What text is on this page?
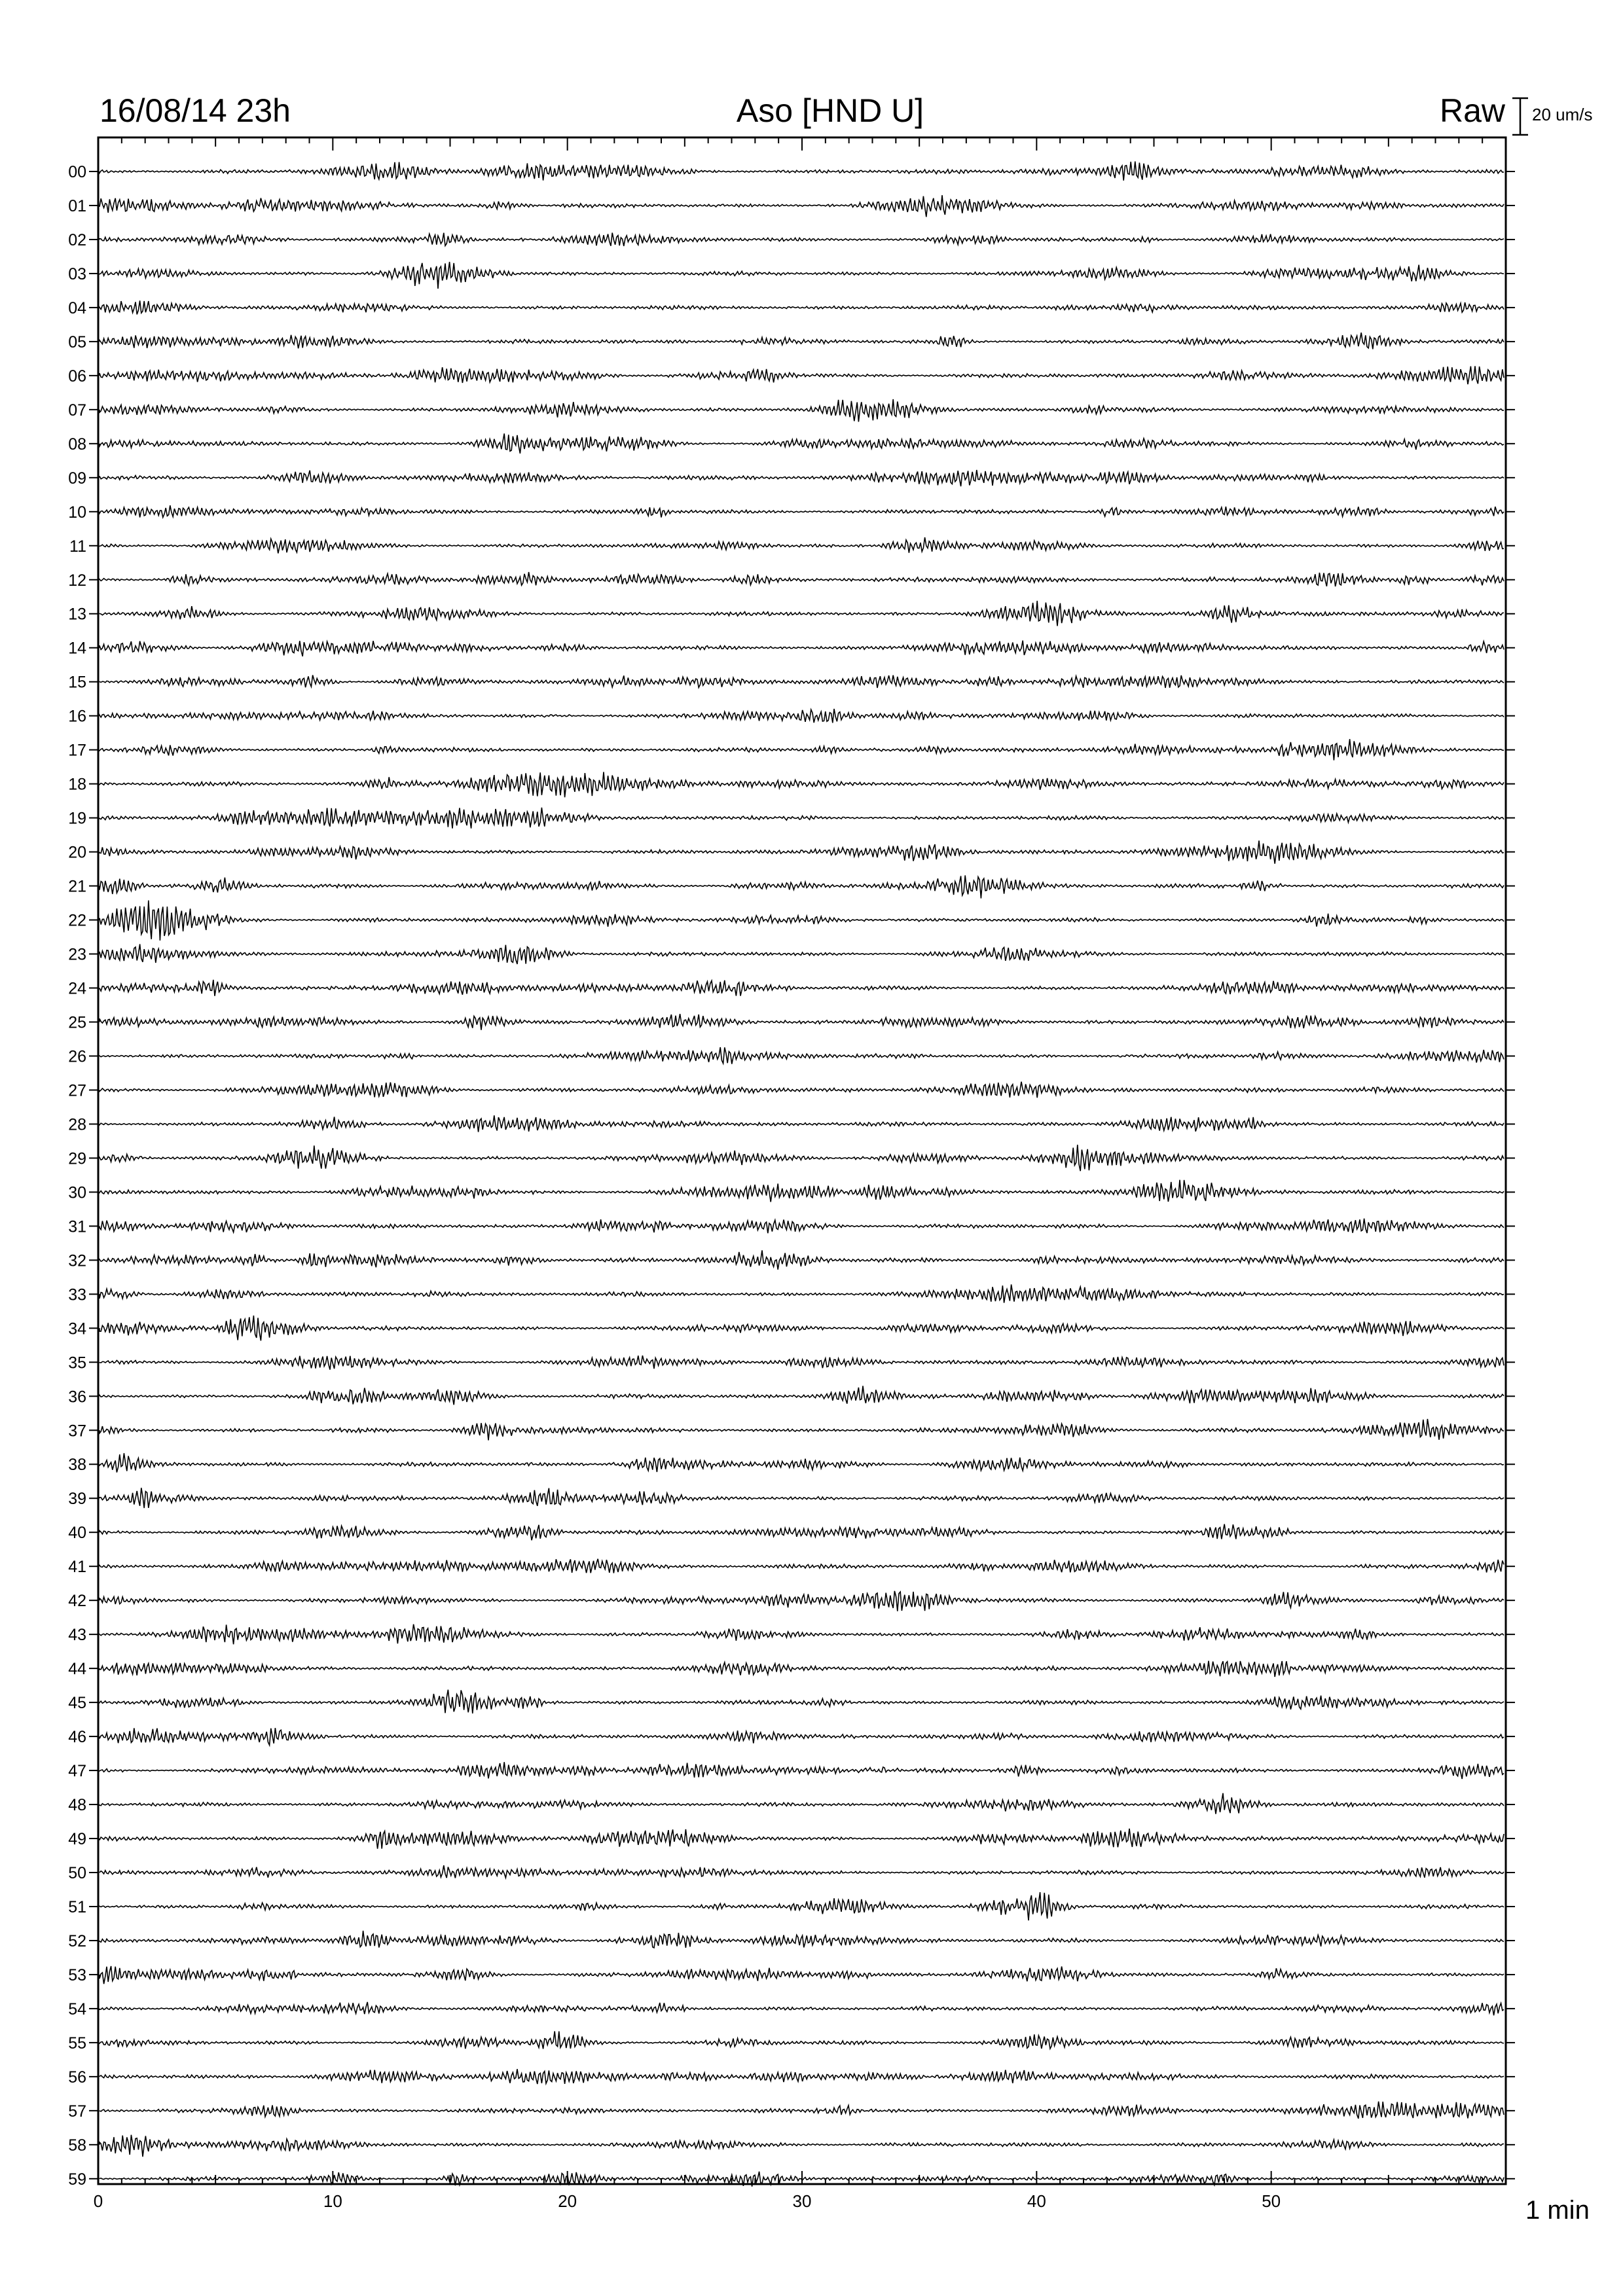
16/08/14 23h	Aso [HND U]	Raw 20 um/s
1 min
0	10	20	30	40	50
00
01
02
03
04
05
06
07
08
09
10
11
12
13
14
15
16
17
18
19
20
21
22
23
24
25
26
27
28
29
30
31
32
33
34
35
36
37
38
39
40
41
42
43
44
45
46
47
48
49
50
51
52
53
54
55
56
57
58
59
